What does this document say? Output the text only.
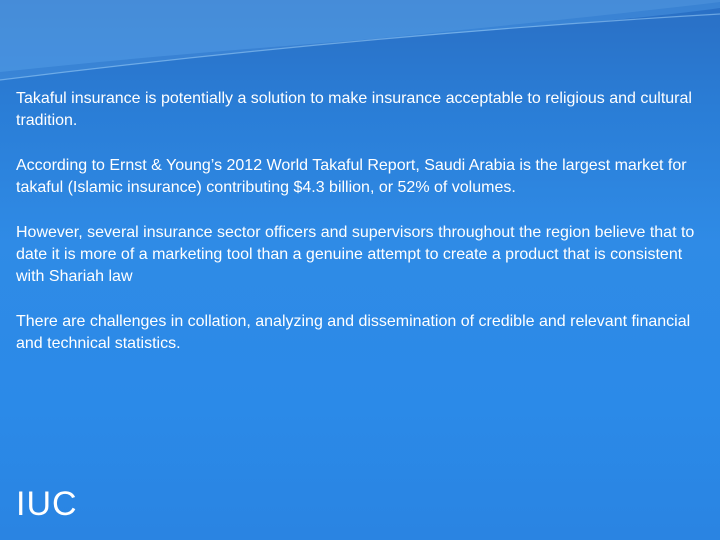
Takaful insurance is potentially a solution to make insurance acceptable to religious and cultural tradition.

According to Ernst & Young’s 2012 World Takaful Report, Saudi Arabia is the largest market for takaful (Islamic insurance) contributing $4.3 billion, or 52% of volumes.

However, several insurance sector officers and supervisors throughout the region believe that to date it is more of a marketing tool than a genuine attempt to create a product that is consistent with Shariah law

There are challenges in collation, analyzing and dissemination of credible and relevant financial and technical statistics.

IUC
